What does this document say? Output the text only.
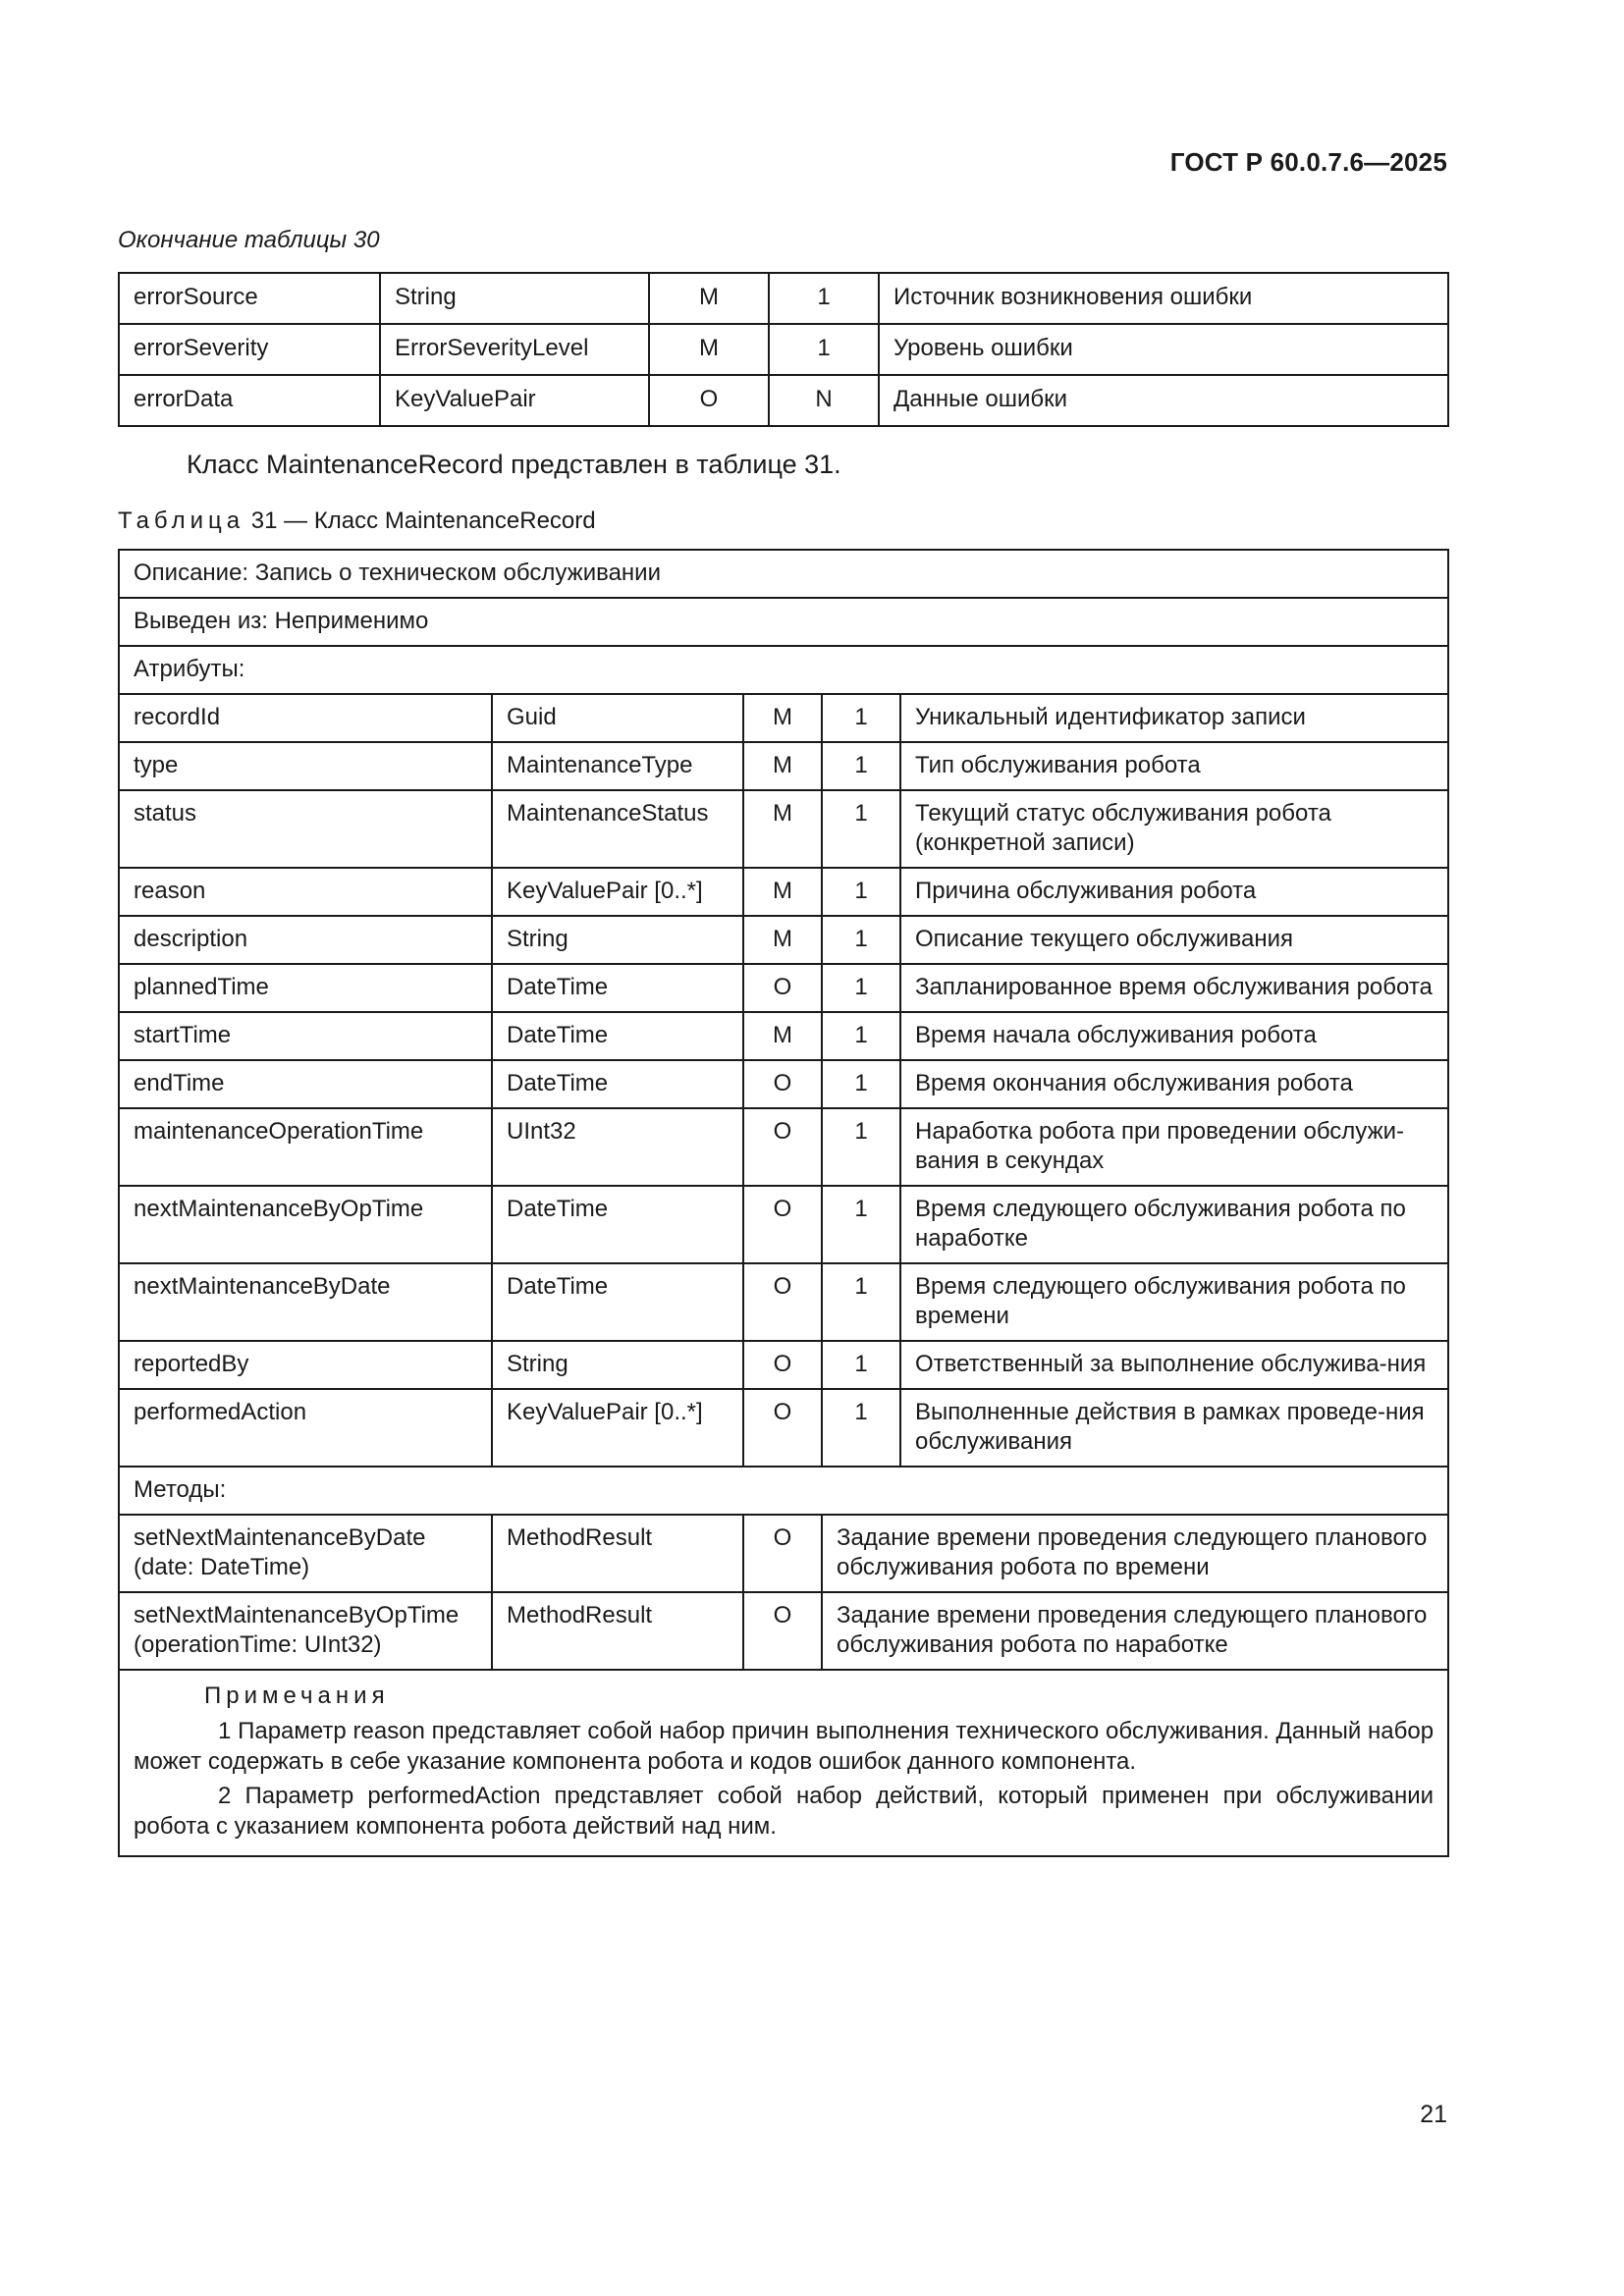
ГОСТ Р 60.0.7.6—2025
Окончание таблицы 30
errorSource	String	M	1	Источник возникновения ошибки
errorSeverity	ErrorSeverityLevel	M	1	Уровень ошибки
errorData	KeyValuePair	O	N	Данные ошибки
Класс MaintenanceRecord представлен в таблице 31.
Таблица 31 — Класс MaintenanceRecord
Описание: Запись о техническом обслуживании				
Выведен из: Неприменимо				
Атрибуты:				
recordId	Guid	M	1	Уникальный идентификатор записи
type	MaintenanceType	M	1	Тип обслуживания робота
status	MaintenanceStatus	M	1	Текущий статус обслуживания робота (конкретной записи)
reason	KeyValuePair [0..*]	M	1	Причина обслуживания робота
description	String	M	1	Описание текущего обслуживания
plannedTime	DateTime	O	1	Запланированное время обслуживания робота
startTime	DateTime	M	1	Время начала обслуживания робота
endTime	DateTime	O	1	Время окончания обслуживания робота
maintenanceOperationTime	UInt32	O	1	Наработка робота при проведении обслужи-вания в секундах
nextMaintenanceByOpTime	DateTime	O	1	Время следующего обслуживания робота по наработке
nextMaintenanceByDate	DateTime	O	1	Время следующего обслуживания робота по времени
reportedBy	String	O	1	Ответственный за выполнение обслужива-ния
performedAction	KeyValuePair [0..*]	O	1	Выполненные действия в рамках проведе-ния обслуживания
Методы:				
setNextMaintenanceByDate (date: DateTime)	MethodResult	O	Задание времени проведения следующего планового обслуживания робота по времени	
setNextMaintenanceByOpTime (operationTime: UInt32)	MethodResult	O	Задание времени проведения следующего планового обслуживания робота по наработке	

Примечания
1 Параметр reason представляет собой набор причин выполнения технического обслуживания. Данный набор может содержать в себе указание компонента робота и кодов ошибок данного компонента.
2 Параметр performedAction представляет собой набор действий, который применен при обслуживании робота с указанием компонента робота действий над ним.				
21
